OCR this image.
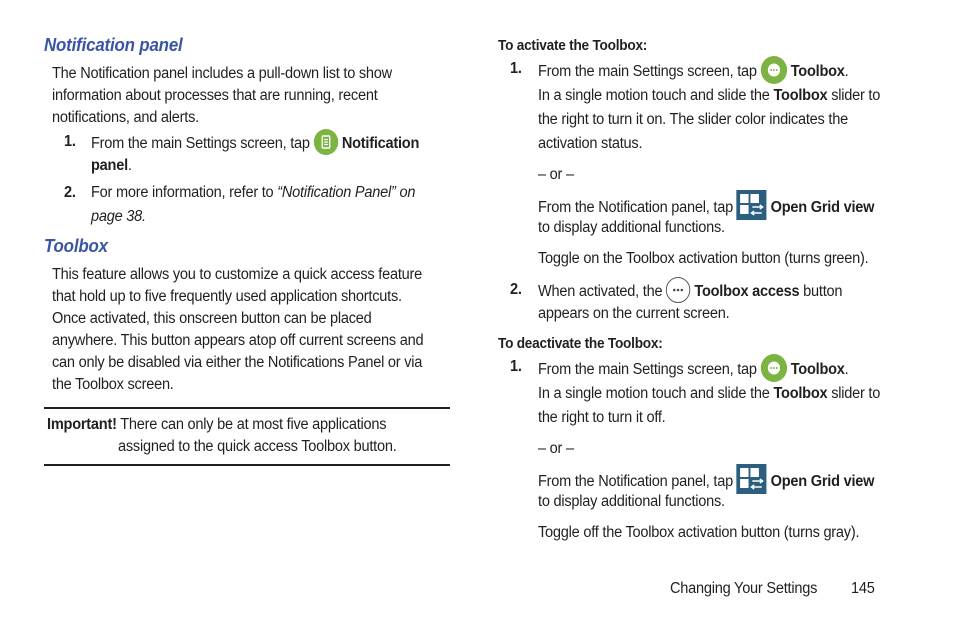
Notification panel
The Notification panel includes a pull-down list to show
information about processes that are running, recent
notifications, and alerts.
1. From the main Settings screen, tap Notification
panel.
2. For more information, refer to “Notification Panel” on
page 38.
Toolbox
This feature allows you to customize a quick access feature
that hold up to five frequently used application shortcuts.
Once activated, this onscreen button can be placed
anywhere. This button appears atop off current screens and
can only be disabled via either the Notifications Panel or via
the Toolbox screen.
Important! There can only be at most five applications
assigned to the quick access Toolbox button.
To activate the Toolbox:
1. From the main Settings screen, tap Toolbox.
In a single motion touch and slide the Toolbox slider to
the right to turn it on. The slider color indicates the
activation status.
– or –
From the Notification panel, tap Open Grid view
to display additional functions.
Toggle on the Toolbox activation button (turns green).
2. When activated, the Toolbox access button
appears on the current screen.
To deactivate the Toolbox:
1. From the main Settings screen, tap Toolbox.
In a single motion touch and slide the Toolbox slider to
the right to turn it off.
– or –
From the Notification panel, tap Open Grid view
to display additional functions.
Toggle off the Toolbox activation button (turns gray).
Changing Your Settings 145
